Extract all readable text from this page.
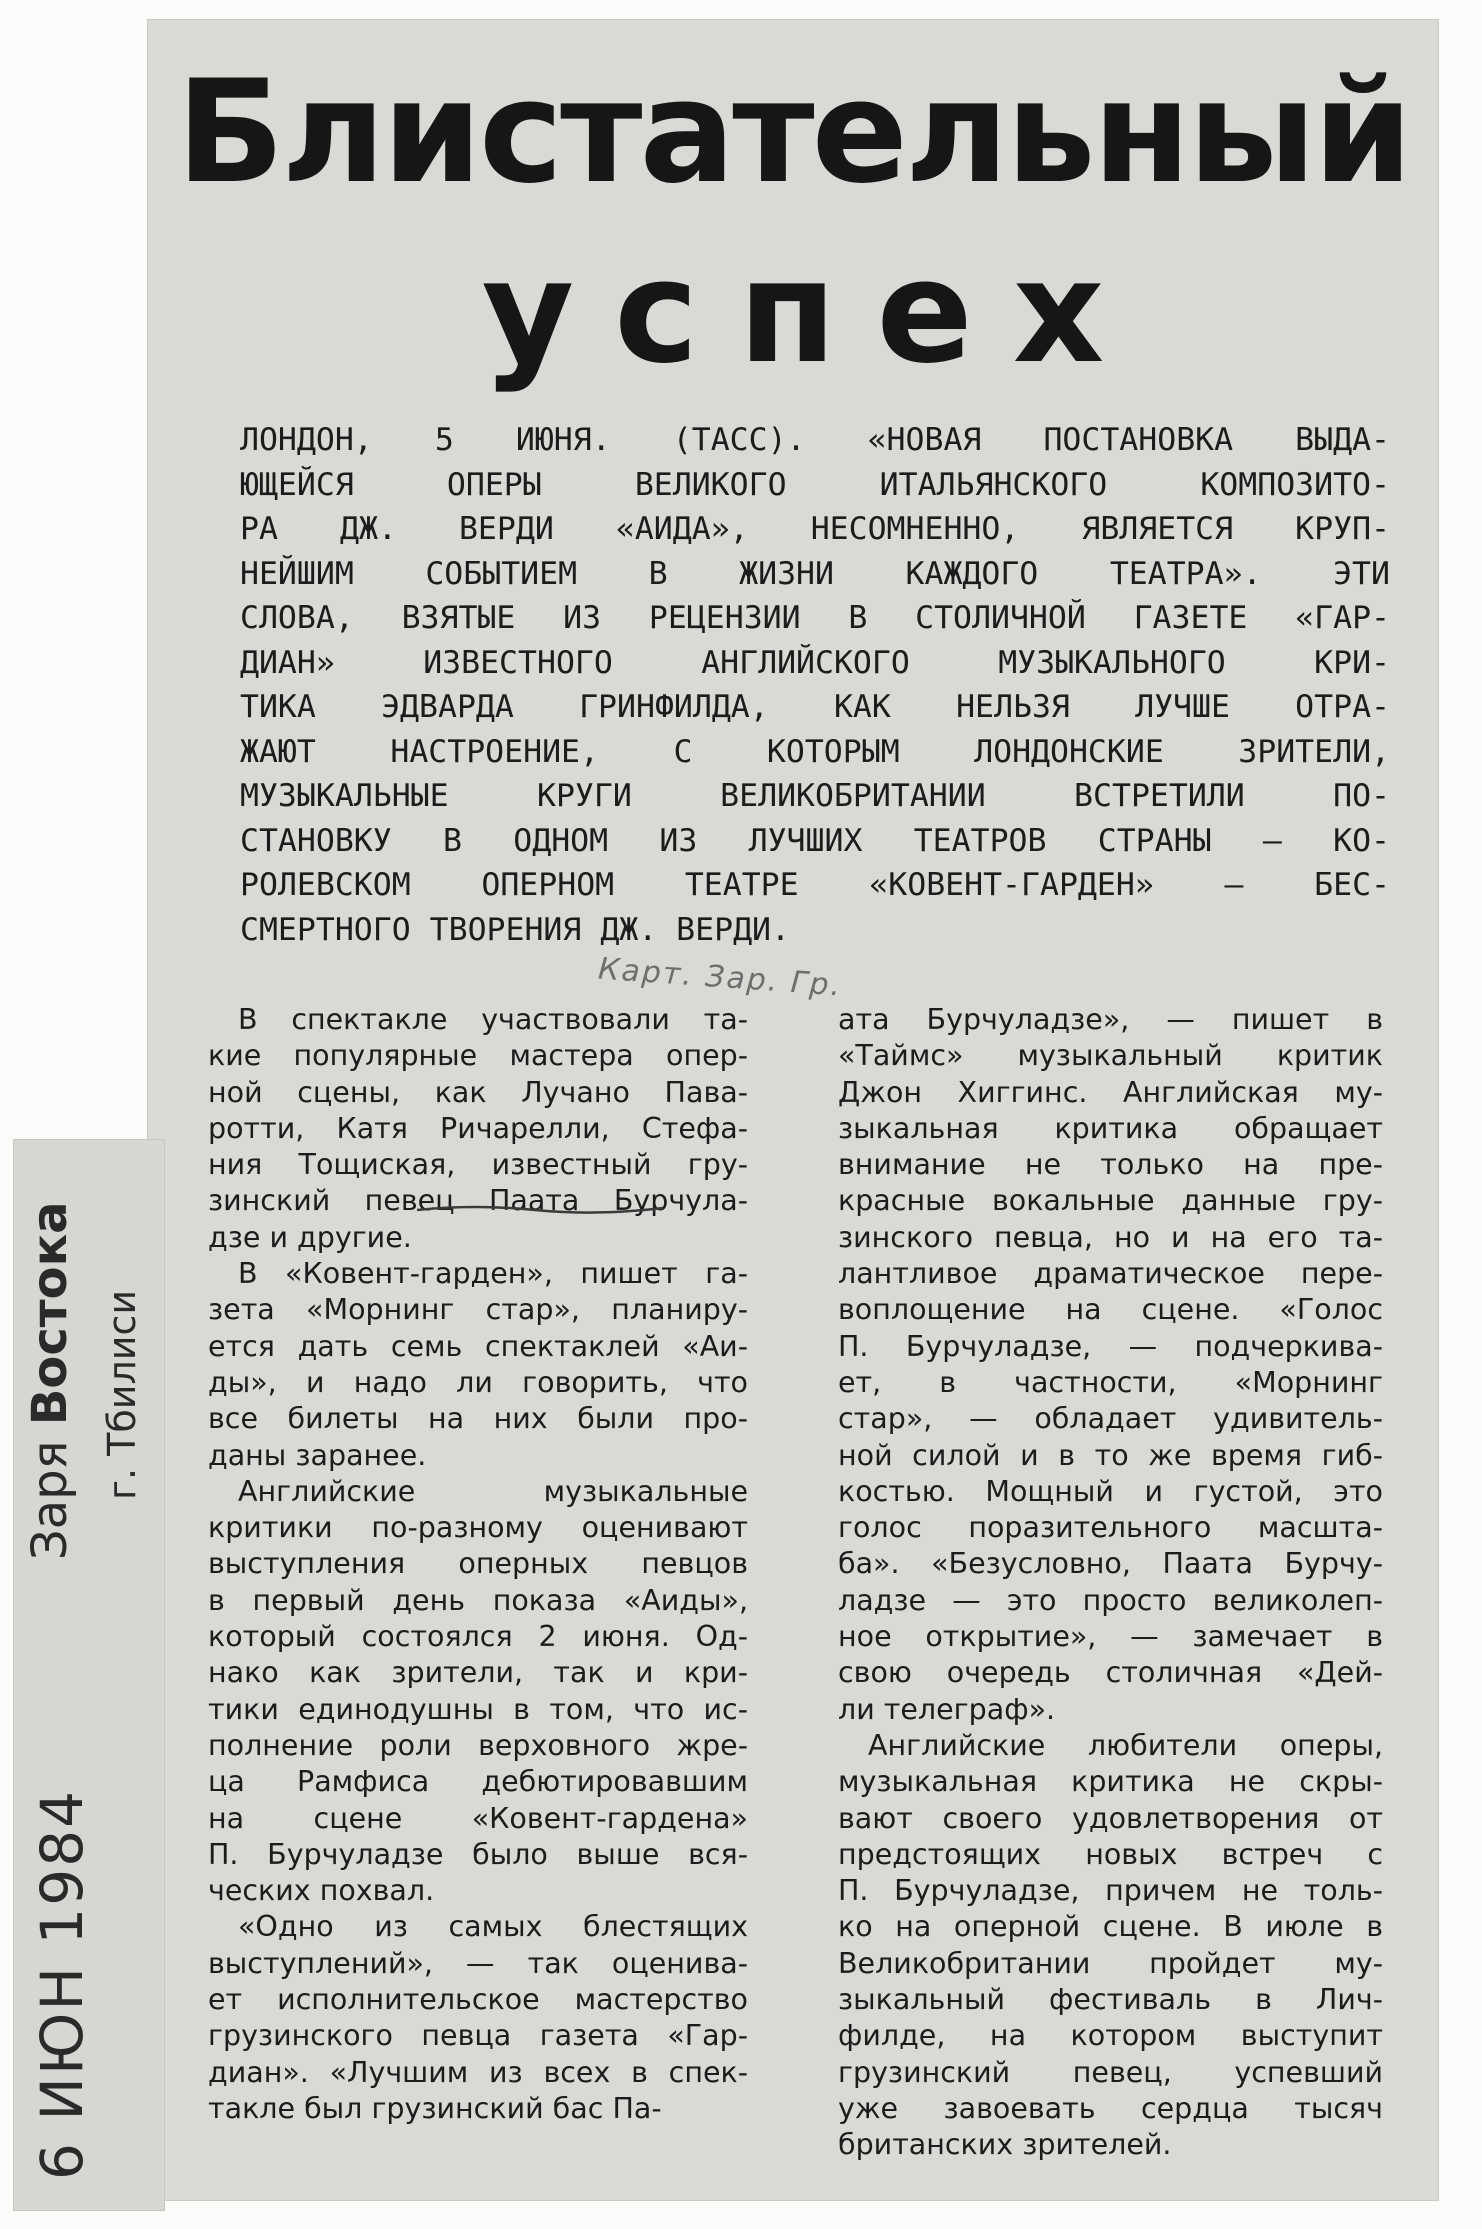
Блистательный
успех
ЛОНДОН, 5 ИЮНЯ. (ТАСС). «НОВАЯ ПОСТАНОВКА ВЫДА-
ЮЩЕЙСЯ ОПЕРЫ ВЕЛИКОГО ИТАЛЬЯНСКОГО КОМПОЗИТО-
РА ДЖ. ВЕРДИ «АИДА», НЕСОМНЕННО, ЯВЛЯЕТСЯ КРУП-
НЕЙШИМ СОБЫТИЕМ В ЖИЗНИ КАЖДОГО ТЕАТРА». ЭТИ
СЛОВА, ВЗЯТЫЕ ИЗ РЕЦЕНЗИИ В СТОЛИЧНОЙ ГАЗЕТЕ «ГАР-
ДИАН» ИЗВЕСТНОГО АНГЛИЙСКОГО МУЗЫКАЛЬНОГО КРИ-
ТИКА ЭДВАРДА ГРИНФИЛДА, КАК НЕЛЬЗЯ ЛУЧШЕ ОТРА-
ЖАЮТ НАСТРОЕНИЕ, С КОТОРЫМ ЛОНДОНСКИЕ ЗРИТЕЛИ,
МУЗЫКАЛЬНЫЕ КРУГИ ВЕЛИКОБРИТАНИИ ВСТРЕТИЛИ ПО-
СТАНОВКУ В ОДНОМ ИЗ ЛУЧШИХ ТЕАТРОВ СТРАНЫ — КО-
РОЛЕВСКОМ ОПЕРНОМ ТЕАТРЕ «КОВЕНТ-ГАРДЕН» — БЕС-
СМЕРТНОГО ТВОРЕНИЯ ДЖ. ВЕРДИ.
Карт. Зар. Гр.
В спектакле участвовали та-
кие популярные мастера опер-
ной сцены, как Лучано Пава-
ротти, Катя Ричарелли, Стефа-
ния Тощиская, известный гру-
зинский певец Паата Бурчула-
дзе и другие.
В «Ковент-гарден», пишет га-
зета «Морнинг стар», планиру-
ется дать семь спектаклей «Аи-
ды», и надо ли говорить, что
все билеты на них были про-
даны заранее.
Английские музыкальные
критики по-разному оценивают
выступления оперных певцов
в первый день показа «Аиды»,
который состоялся 2 июня. Од-
нако как зрители, так и кри-
тики единодушны в том, что ис-
полнение роли верховного жре-
ца Рамфиса дебютировавшим
на сцене «Ковент-гардена»
П. Бурчуладзе было выше вся-
ческих похвал.
«Одно из самых блестящих
выступлений», — так оценива-
ет исполнительское мастерство
грузинского певца газета «Гар-
диан». «Лучшим из всех в спек-
такле был грузинский бас Па-
ата Бурчуладзе», — пишет в
«Таймс» музыкальный критик
Джон Хиггинс. Английская му-
зыкальная критика обращает
внимание не только на пре-
красные вокальные данные гру-
зинского певца, но и на его та-
лантливое драматическое пере-
воплощение на сцене. «Голос
П. Бурчуладзе, — подчеркива-
ет, в частности, «Морнинг
стар», — обладает удивитель-
ной силой и в то же время гиб-
костью. Мощный и густой, это
голос поразительного масшта-
ба». «Безусловно, Паата Бурчу-
ладзе — это просто великолеп-
ное открытие», — замечает в
свою очередь столичная «Дей-
ли телеграф».
Английские любители оперы,
музыкальная критика не скры-
вают своего удовлетворения от
предстоящих новых встреч с
П. Бурчуладзе, причем не толь-
ко на оперной сцене. В июле в
Великобритании пройдет му-
зыкальный фестиваль в Лич-
филде, на котором выступит
грузинский певец, успевший
уже завоевать сердца тысяч
британских зрителей.
Заря Востока г. Тбилиси
6 ИЮН 1984
